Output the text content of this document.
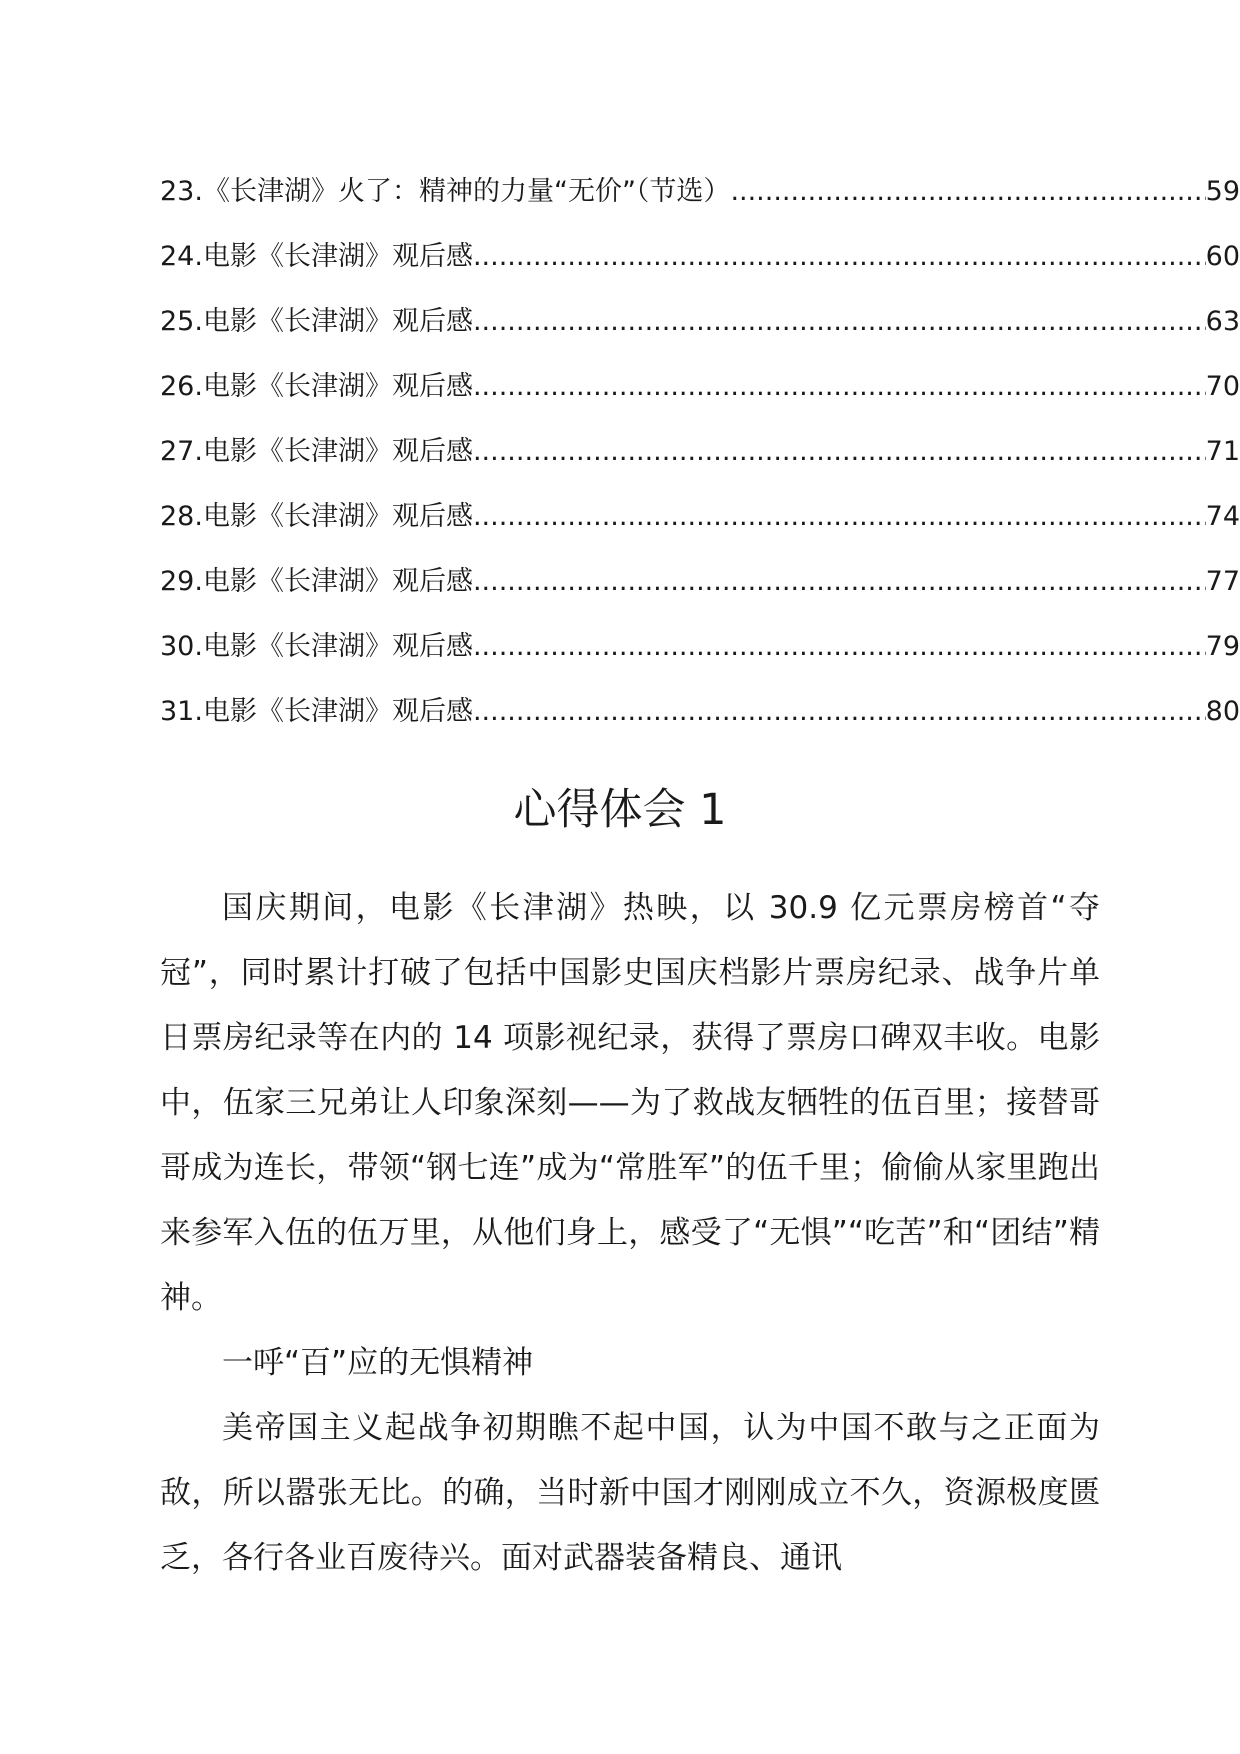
23. 《长津湖》火了：精神的力量“无价”（节选） .....	59
24. 电影《长津湖》观后感 .....	60
25. 电影《长津湖》观后感 .....	63
26. 电影《长津湖》观后感 .....	70
27. 电影《长津湖》观后感 .....	71
28. 电影《长津湖》观后感 .....	74
29. 电影《长津湖》观后感 .....	77
30. 电影《长津湖》观后感 .....	79
31. 电影《长津湖》观后感 .....	80
心得体会 1

国庆期间，电影《长津湖》热映，以 30.9 亿元票房榜首“夺冠”，同时累计打破了包括中国影史国庆档影片票房纪录、战争片单日票房纪录等在内的 14 项影视纪录，获得了票房口碑双丰收。电影中，伍家三兄弟让人印象深刻——为了救战友牺牲的伍百里；接替哥哥成为连长，带领“钢七连”成为“常胜军”的伍千里；偷偷从家里跑出来参军入伍的伍万里，从他们身上，感受了“无惧”“吃苦”和“团结”精神。

一呼“百”应的无惧精神

美帝国主义起战争初期瞧不起中国，认为中国不敢与之正面为敌，所以嚣张无比。的确，当时新中国才刚刚成立不久，资源极度匮乏，各行各业百废待兴。面对武器装备精良、通讯
